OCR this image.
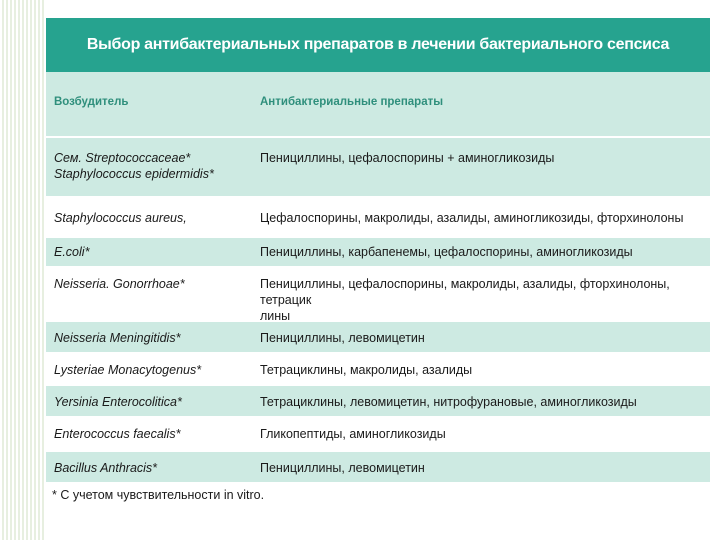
Выбор антибактериальных препаратов в лечении бактериального сепсиса
Возбудитель	Антибактериальные препараты
Сем. Streptococcaceae*
Staphylococcus epidermidis*
Пенициллины, цефалоспорины + аминогликозиды
Staphylococcus aureus,	Цефалоспорины, макролиды, азалиды, аминогликозиды, фторхинолоны
E.coli*	Пенициллины, карбапенемы, цефалоспорины, аминогликозиды
Neisseria. Gonorrhoae*	Пенициллины, цефалоспорины, макролиды, азалиды, фторхинолоны, тетрацик
лины
Neisseria Meningitidis*	Пенициллины, левомицетин
Lysteriae Monacytogenus*	Тетрациклины, макролиды, азалиды
Yersinia Enterocolitica*	Тетрациклины, левомицетин, нитрофурановые, аминогликозиды
Enterococcus faecalis*	Гликопептиды, аминогликозиды
Bacillus Anthracis*	Пенициллины, левомицетин
* С учетом чувствительности in vitro.
